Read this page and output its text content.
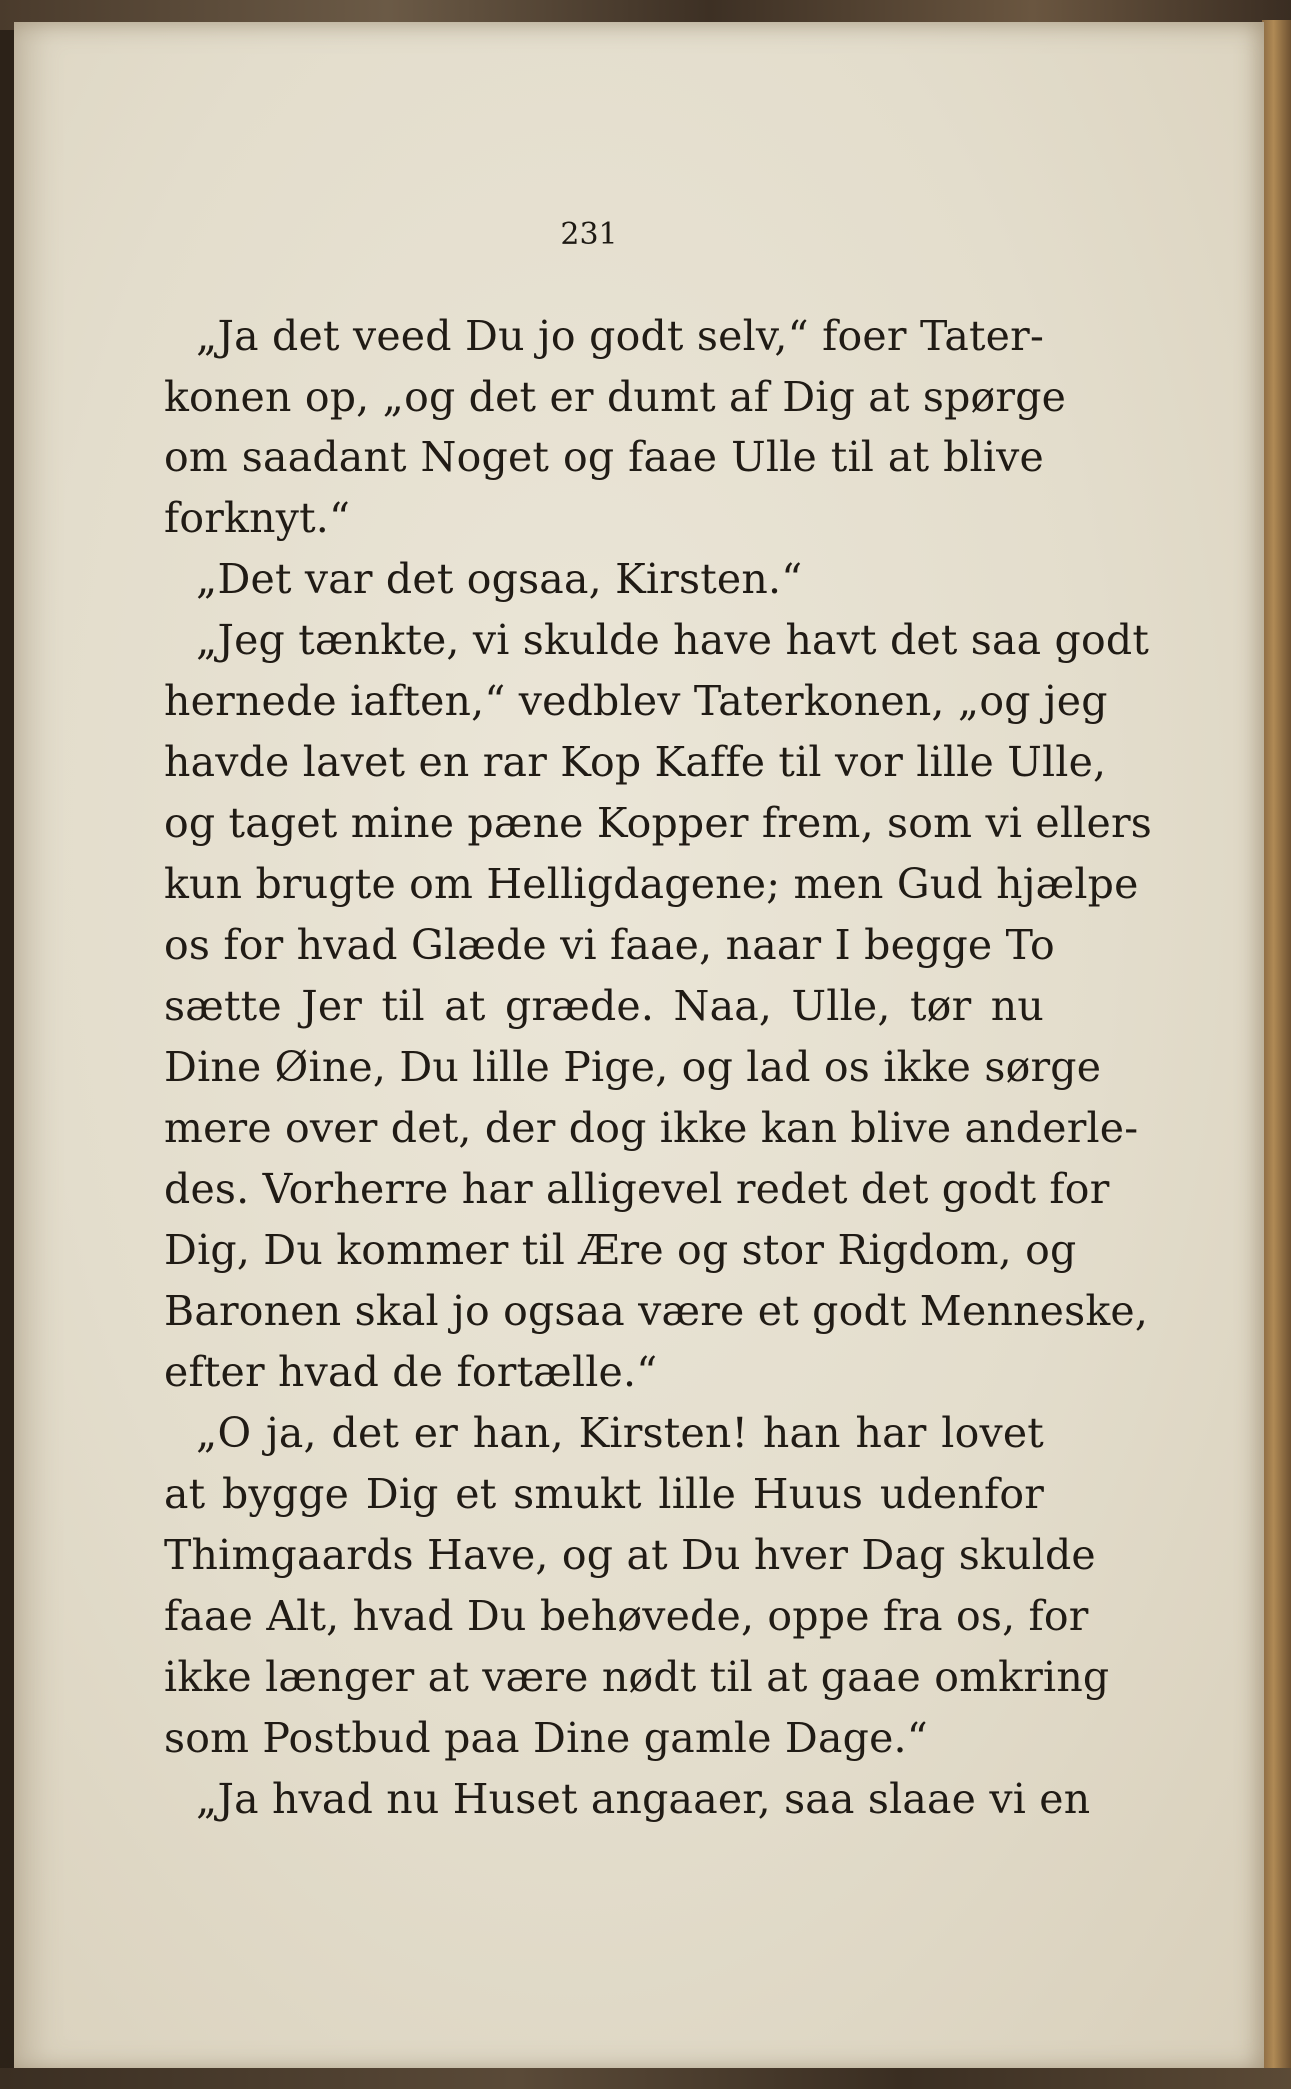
231
„Ja det veed Du jo godt selv,“ foer Tater-
konen op, „og det er dumt af Dig at spørge
om saadant Noget og faae Ulle til at blive
forknyt.“
„Det var det ogsaa, Kirsten.“
„Jeg tænkte, vi skulde have havt det saa godt
hernede iaften,“ vedblev Taterkonen, „og jeg
havde lavet en rar Kop Kaffe til vor lille Ulle,
og taget mine pæne Kopper frem, som vi ellers
kun brugte om Helligdagene; men Gud hjælpe
os for hvad Glæde vi faae, naar I begge To
sætte Jer til at græde. Naa, Ulle, tør nu
Dine Øine, Du lille Pige, og lad os ikke sørge
mere over det, der dog ikke kan blive anderle-
des. Vorherre har alligevel redet det godt for
Dig, Du kommer til Ære og stor Rigdom, og
Baronen skal jo ogsaa være et godt Menneske,
efter hvad de fortælle.“
„O ja, det er han, Kirsten! han har lovet
at bygge Dig et smukt lille Huus udenfor
Thimgaards Have, og at Du hver Dag skulde
faae Alt, hvad Du behøvede, oppe fra os, for
ikke længer at være nødt til at gaae omkring
som Postbud paa Dine gamle Dage.“
„Ja hvad nu Huset angaaer, saa slaae vi en
